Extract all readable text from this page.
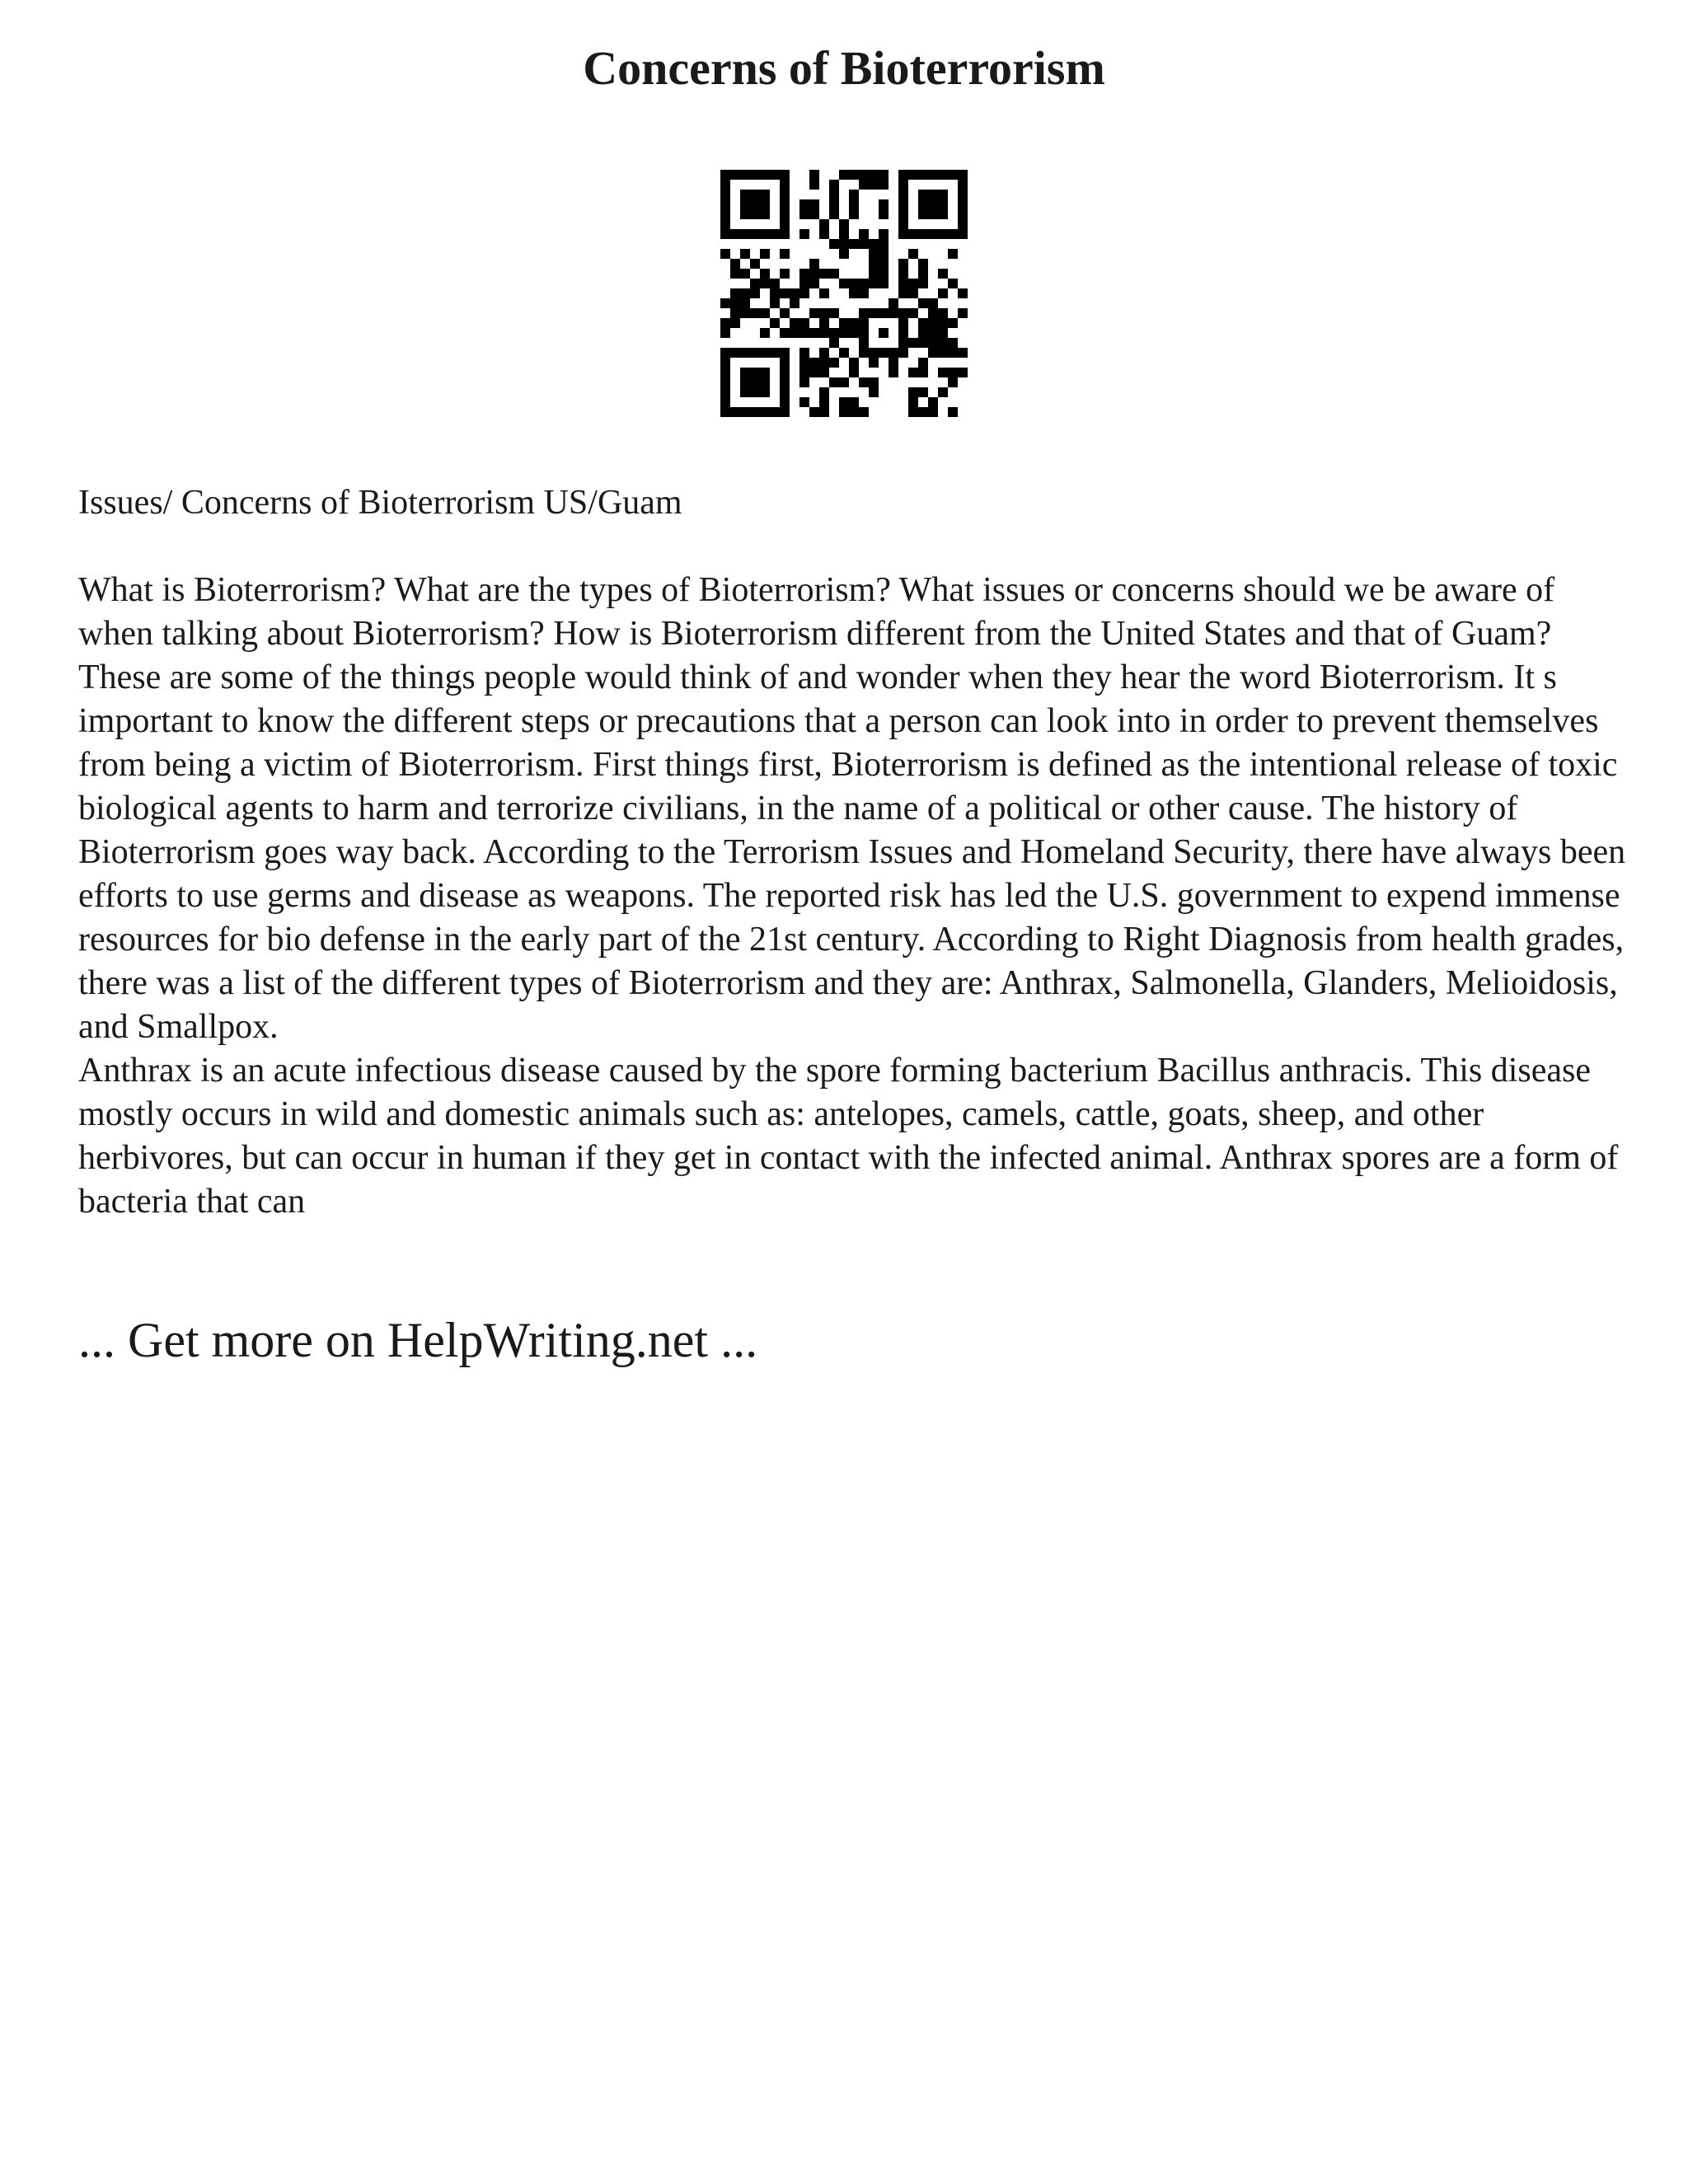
Concerns of Bioterrorism

Issues/ Concerns of Bioterrorism US/Guam

What is Bioterrorism? What are the types of Bioterrorism? What issues or concerns should we be aware of when talking about Bioterrorism? How is Bioterrorism different from the United States and that of Guam? These are some of the things people would think of and wonder when they hear the word Bioterrorism. It s important to know the different steps or precautions that a person can look into in order to prevent themselves from being a victim of Bioterrorism. First things first, Bioterrorism is defined as the intentional release of toxic biological agents to harm and terrorize civilians, in the name of a political or other cause. The history of Bioterrorism goes way back. According to the Terrorism Issues and Homeland Security, there have always been efforts to use germs and disease as weapons. The reported risk has led the U.S. government to expend immense resources for bio defense in the early part of the 21st century. According to Right Diagnosis from health grades, there was a list of the different types of Bioterrorism and they are: Anthrax, Salmonella, Glanders, Melioidosis, and Smallpox.

Anthrax is an acute infectious disease caused by the spore forming bacterium Bacillus anthracis. This disease mostly occurs in wild and domestic animals such as: antelopes, camels, cattle, goats, sheep, and other herbivores, but can occur in human if they get in contact with the infected animal. Anthrax spores are a form of bacteria that can

... Get more on HelpWriting.net ...
